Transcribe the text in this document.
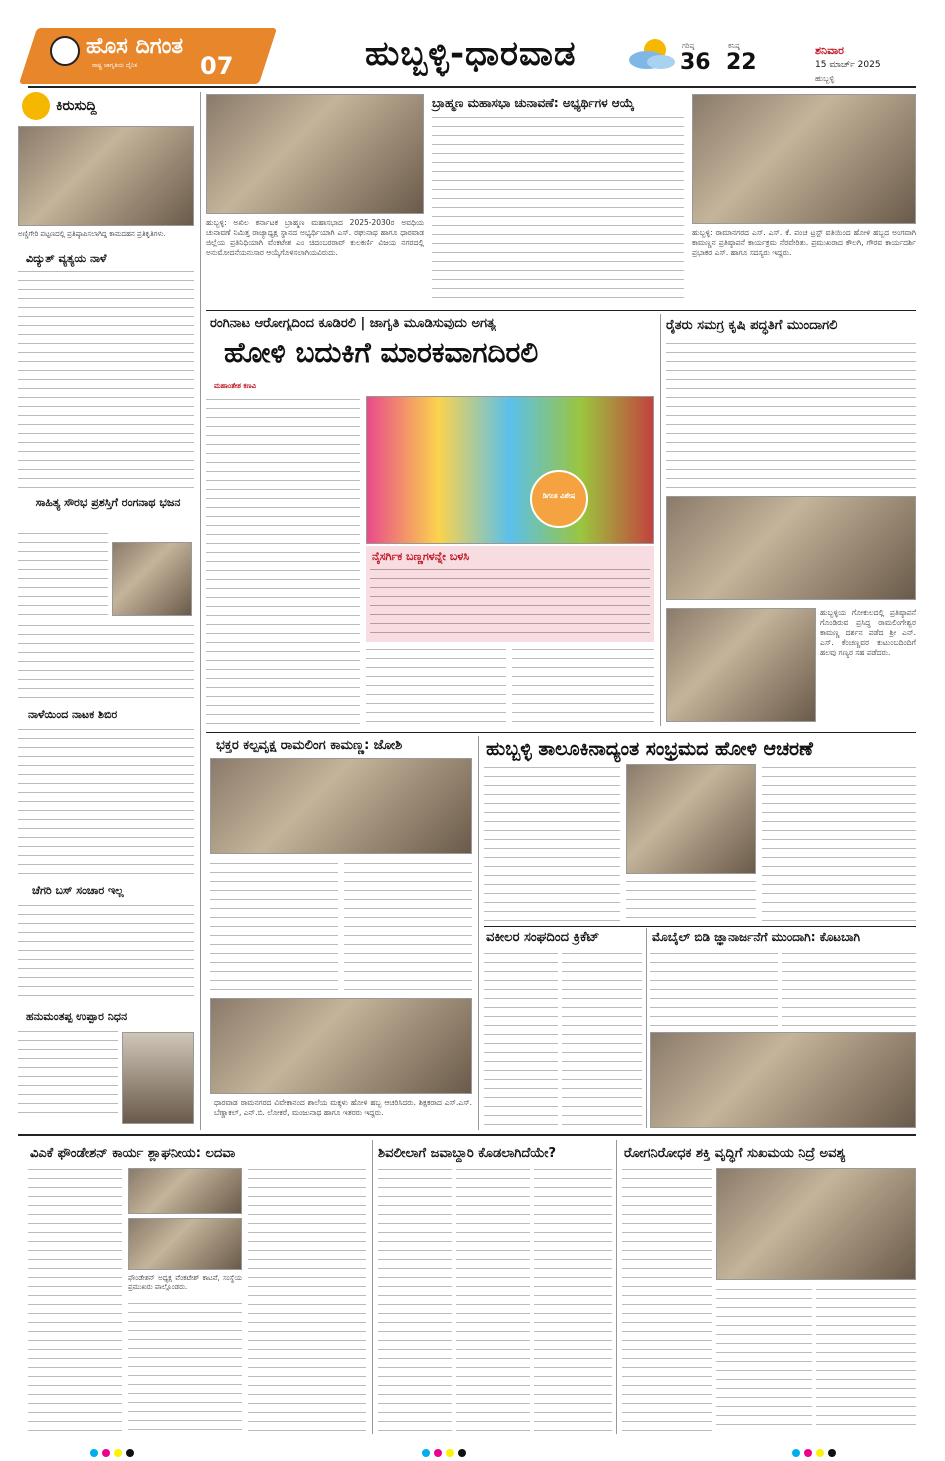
ಹೊಸ ದಿಗಂತ
ರಾಷ್ಟ್ರ ಜಾಗೃತಿಯ ದೈನಿಕ	07	ಹುಬ್ಬಳ್ಳಿ-ಧಾರವಾಡ	ಗರಿಷ್ಠ
36
ಕನಿಷ್ಠ
22	ಶನಿವಾರ
15 ಮಾರ್ಚ್ 2025
ಹುಬ್ಬಳ್ಳಿ
ಕಿರುಸುದ್ದಿ
ಅಣ್ಣಿಗೇರಿ ಪಟ್ಟಣದಲ್ಲಿ ಪ್ರತಿಷ್ಠಾಪಿಸಲಾಗಿದ್ದ ಕಾಮದಹನ ಪ್ರತಿಕೃತಿಗಳು.
ವಿದ್ಯುತ್ ವ್ಯತ್ಯಯ ನಾಳೆ
ಸಾಹಿತ್ಯ ಸೌರಭ ಪ್ರಶಸ್ತಿಗೆ ರಂಗನಾಥ ಭಜನ
ನಾಳೆಯಿಂದ ನಾಟಕ ಶಿಬಿರ
ಚೆಗರಿ ಬಸ್ ಸಂಚಾರ ಇಲ್ಲ
ಹನುಮಂತಪ್ಪ ಉಪ್ಪಾರ ನಿಧನ
ಹುಬ್ಬಳ್ಳಿ: ಅಖಿಲ ಕರ್ನಾಟಕ ಬ್ರಾಹ್ಮಣ ಮಹಾಸಭಾದ 2025-2030ರ ಅವಧಿಯ ಚುನಾವಣೆ ನಿಮಿತ್ತ ರಾಜ್ಯಾಧ್ಯಕ್ಷ ಸ್ಥಾನದ ಅಭ್ಯರ್ಥಿಯಾಗಿ ಎಸ್. ರಘುನಾಥ ಹಾಗೂ ಧಾರವಾಡ ಜಿಲ್ಲೆಯ ಪ್ರತಿನಿಧಿಯಾಗಿ ವೆಂಕಟೇಶ ಎಂ ಚಿದಂಬರರಾವ್ ಕುಲಕರ್ಣಿ ವಿಜಯ ನಗರದಲ್ಲಿ ಅನುಮೋದನೆಯನುಸಾರ ಆಯ್ಕೆಗೊಳಿಸಲಾಗಿಯವಿರುದು.
ಬ್ರಾಹ್ಮಣ ಮಹಾಸಭಾ ಚುನಾವಣೆ: ಅಭ್ಯರ್ಥಿಗಳ ಆಯ್ಕೆ
ಹುಬ್ಬಳ್ಳಿ: ರಾಮಾನಗರದ ಎಸ್. ಎಸ್. ಕೆ. ಪಂಚ ಟ್ರಸ್ಟ್ ವತಿಯಿಂದ ಹೋಳಿ ಹಬ್ಬದ ಅಂಗವಾಗಿ ಕಾಮಣ್ಣನ ಪ್ರತಿಷ್ಠಾಪನೆ ಕಾರ್ಯಕ್ರಮ ನೆರವೇರಿತು. ಪ್ರಮುಖರಾದ ಕೌಲಗಿ, ಗೌರವ ಕಾರ್ಯದರ್ಶಿ ಪ್ರಭಾಕರ ಎಸ್. ಹಾಗೂ ಸದಸ್ಯರು ಇದ್ದರು.
ರಂಗಿನಾಟ ಆರೋಗ್ಯದಿಂದ ಕೂಡಿರಲಿ | ಜಾಗೃತಿ ಮೂಡಿಸುವುದು ಅಗತ್ಯ
ಹೋಳಿ ಬದುಕಿಗೆ ಮಾರಕವಾಗದಿರಲಿ
ಮಹಾಂತೇಶ ಕಣವಿ
ಡಿಗಂತ ವಿಶೇಷ
ನೈಸರ್ಗಿಕ ಬಣ್ಣಗಳನ್ನೇ ಬಳಸಿ
ರೈತರು ಸಮಗ್ರ ಕೃಷಿ ಪದ್ಧತಿಗೆ ಮುಂದಾಗಲಿ
ಹುಬ್ಬಳ್ಳಿಯ ಗೋಕುಲದಲ್ಲಿ ಪ್ರತಿಷ್ಠಾಪನೆ ಗೊಂಡಿರುವ ಪ್ರಸಿದ್ಧ ರಾಮಲಿಂಗೇಶ್ವರ ಕಾಮಣ್ಣ ದರ್ಶನ ಪಡೆದ ಶ್ರೀ ಎನ್. ಎಸ್. ಕೆಂಚಣ್ಣವರ ಕುಟುಂಬದಿಂದಿಗೆ ಹಲವು ಗಣ್ಯರ ಸಹ ಪಡೆದರು.
ಭಕ್ತರ ಕಲ್ಪವೃಕ್ಷ ರಾಮಲಿಂಗ ಕಾಮಣ್ಣ: ಜೋಶಿ
ಧಾರವಾಡ ರಾಮನಗರದ ವಿವೇಕಾನಂದ ಶಾಲೆಯ ಮಕ್ಕಳು ಹೋಳಿ ಹಬ್ಬ ಆಚರಿಸಿದರು. ಶಿಕ್ಷಕರಾದ ಎಸ್.ಎಸ್. ಬೆಣ್ಣಾಕಲ್, ಎನ್.ಬಿ. ಲೋಕರೆ, ಮಂಜುನಾಥ ಹಾಗೂ ಇತರರು ಇದ್ದರು.
ಹುಬ್ಬಳ್ಳಿ ತಾಲೂಕಿನಾದ್ಯಂತ ಸಂಭ್ರಮದ ಹೋಳಿ ಆಚರಣೆ
ವಕೀಲರ ಸಂಘದಿಂದ ಕ್ರಿಕೆಟ್	ಮೊಬೈಲ್ ಬಿಡಿ ಜ್ಞಾನಾರ್ಜನೆಗೆ ಮುಂದಾಗಿ: ಕೊಟಬಾಗಿ
ವಿಎಕೆ ಫೌಂಡೇಶನ್ ಕಾರ್ಯ ಶ್ಲಾಘನೀಯ: ಲದವಾ
ಫೌಂಡೇಶನ್ ಅಧ್ಯಕ್ಷ ವೆಂಕಟೇಶ್ ಕಾಟವೆ, ಸಂಸ್ಥೆಯ ಪ್ರಮುಖರು ಪಾಲ್ಗೊಂಡರು.
ಶಿವಲೀಲಾಗೆ ಜವಾಬ್ದಾರಿ ಕೊಡಲಾಗಿದೆಯೇ?	ರೋಗನಿರೋಧಕ ಶಕ್ತಿ ವೃದ್ಧಿಗೆ ಸುಖಮಯ ನಿದ್ರೆ ಅವಶ್ಯ
